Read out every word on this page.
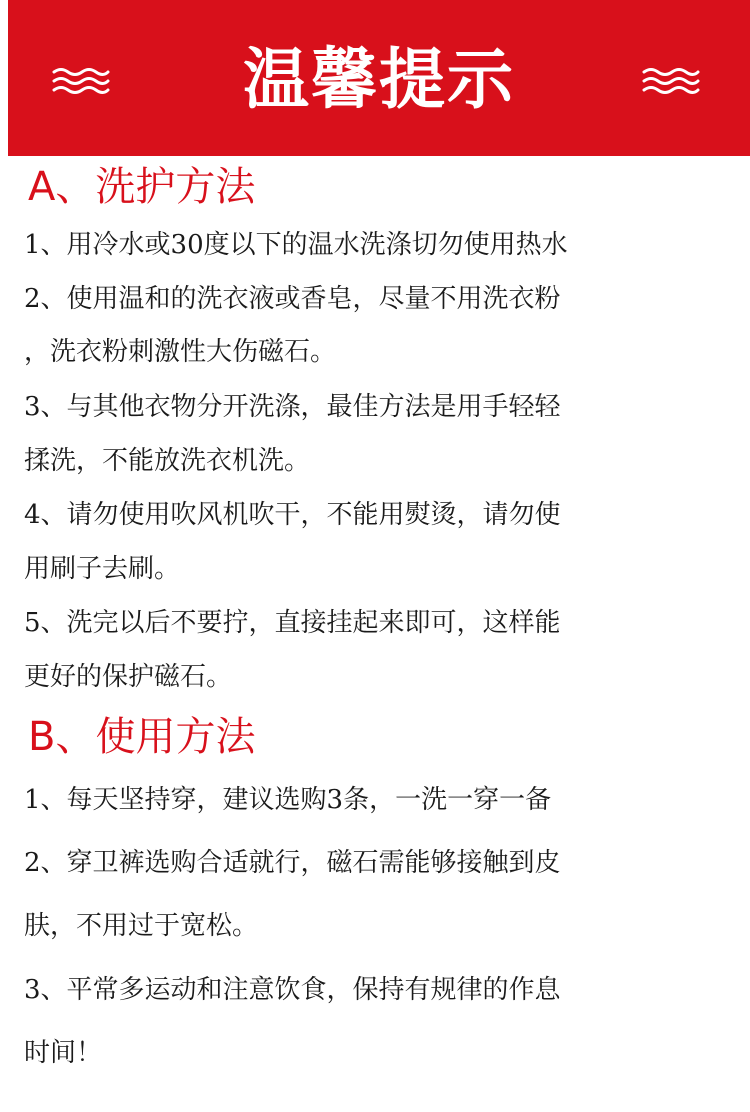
温馨提示
A、洗护方法
1、用冷水或30度以下的温水洗涤切勿使用热水
2、使用温和的洗衣液或香皂，尽量不用洗衣粉
，洗衣粉刺激性大伤磁石。
3、与其他衣物分开洗涤，最佳方法是用手轻轻
揉洗，不能放洗衣机洗。
4、请勿使用吹风机吹干，不能用熨烫，请勿使
用刷子去刷。
5、洗完以后不要拧，直接挂起来即可，这样能
更好的保护磁石。
B、使用方法
1、每天坚持穿，建议选购3条，一洗一穿一备
2、穿卫裤选购合适就行，磁石需能够接触到皮
肤，不用过于宽松。
3、平常多运动和注意饮食，保持有规律的作息
时间！
